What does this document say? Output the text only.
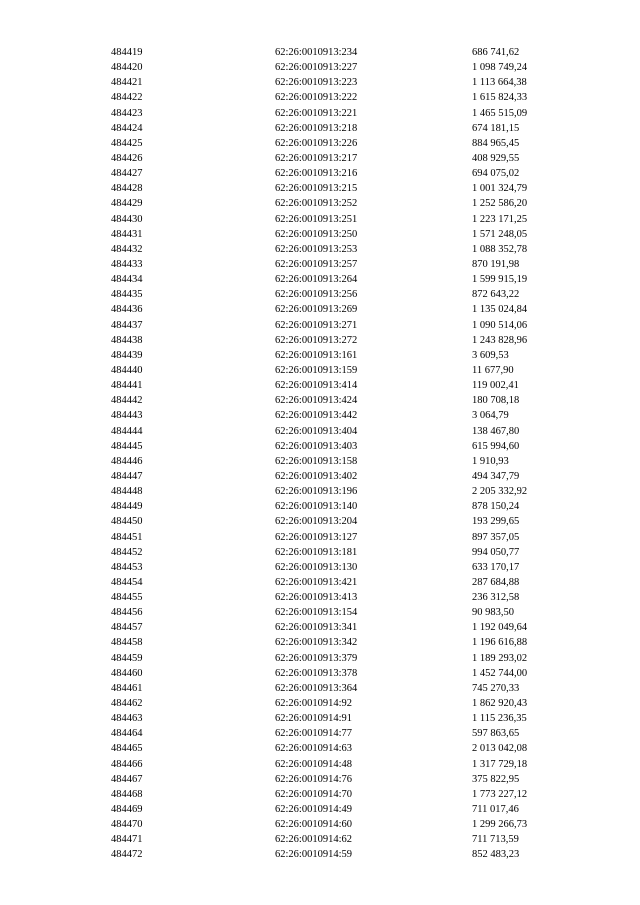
484419	62:26:0010913:234	686 741,62
484420	62:26:0010913:227	1 098 749,24
484421	62:26:0010913:223	1 113 664,38
484422	62:26:0010913:222	1 615 824,33
484423	62:26:0010913:221	1 465 515,09
484424	62:26:0010913:218	674 181,15
484425	62:26:0010913:226	884 965,45
484426	62:26:0010913:217	408 929,55
484427	62:26:0010913:216	694 075,02
484428	62:26:0010913:215	1 001 324,79
484429	62:26:0010913:252	1 252 586,20
484430	62:26:0010913:251	1 223 171,25
484431	62:26:0010913:250	1 571 248,05
484432	62:26:0010913:253	1 088 352,78
484433	62:26:0010913:257	870 191,98
484434	62:26:0010913:264	1 599 915,19
484435	62:26:0010913:256	872 643,22
484436	62:26:0010913:269	1 135 024,84
484437	62:26:0010913:271	1 090 514,06
484438	62:26:0010913:272	1 243 828,96
484439	62:26:0010913:161	3 609,53
484440	62:26:0010913:159	11 677,90
484441	62:26:0010913:414	119 002,41
484442	62:26:0010913:424	180 708,18
484443	62:26:0010913:442	3 064,79
484444	62:26:0010913:404	138 467,80
484445	62:26:0010913:403	615 994,60
484446	62:26:0010913:158	1 910,93
484447	62:26:0010913:402	494 347,79
484448	62:26:0010913:196	2 205 332,92
484449	62:26:0010913:140	878 150,24
484450	62:26:0010913:204	193 299,65
484451	62:26:0010913:127	897 357,05
484452	62:26:0010913:181	994 050,77
484453	62:26:0010913:130	633 170,17
484454	62:26:0010913:421	287 684,88
484455	62:26:0010913:413	236 312,58
484456	62:26:0010913:154	90 983,50
484457	62:26:0010913:341	1 192 049,64
484458	62:26:0010913:342	1 196 616,88
484459	62:26:0010913:379	1 189 293,02
484460	62:26:0010913:378	1 452 744,00
484461	62:26:0010913:364	745 270,33
484462	62:26:0010914:92	1 862 920,43
484463	62:26:0010914:91	1 115 236,35
484464	62:26:0010914:77	597 863,65
484465	62:26:0010914:63	2 013 042,08
484466	62:26:0010914:48	1 317 729,18
484467	62:26:0010914:76	375 822,95
484468	62:26:0010914:70	1 773 227,12
484469	62:26:0010914:49	711 017,46
484470	62:26:0010914:60	1 299 266,73
484471	62:26:0010914:62	711 713,59
484472	62:26:0010914:59	852 483,23
